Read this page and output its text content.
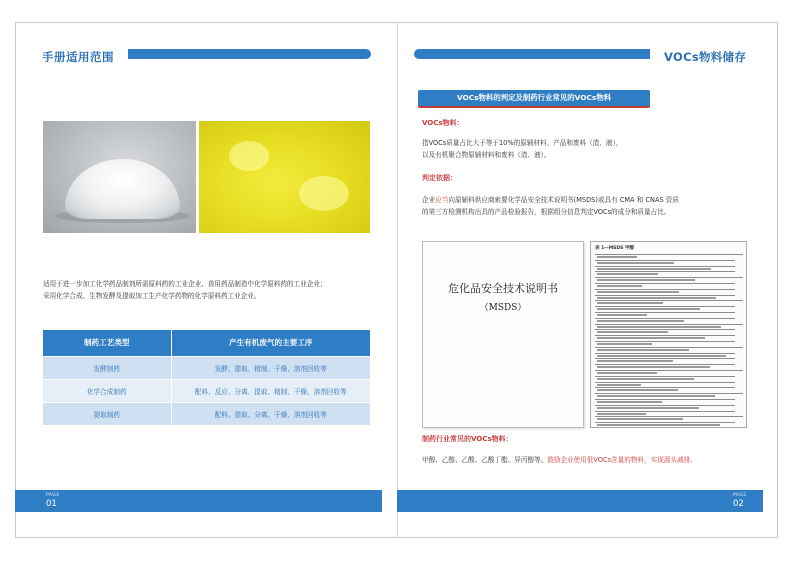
手册适用范围
适用于进一步加工化学药品制剂所需原料药的工业企业、兽用药品制造中化学原料药的工业企业；
采用化学合成、生物发酵及提取加工生产化学药物的化学原料药工业企业。
制药工艺类型	产生有机废气的主要工序
发酵制药	发酵、提取、精制、干燥、溶剂回收等
化学合成制药	配料、反应、分离、提取、精制、干燥、溶剂回收等
提取制药	配料、提取、分离、干燥、溶剂回收等
VOCs物料储存
VOCs物料的判定及制药行业常见的VOCs物料
VOCs物料：
指VOCs质量占比大于等于10%的原辅材料、产品和废料（渣、液），
以及有机聚合物原辅材料和废料（渣、液）。
判定依据：
企业应当向原辅料供应商索要化学品安全技术说明书(MSDS)或具有 CMA 和 CNAS 资质
的第三方检测机构出具的产品检验报告，根据组分信息判定VOCs的成分和质量占比。
危化品安全技术说明书
（MSDS）
表 1—MSDS 甲醇
制药行业常见的VOCs物料：
甲醇、乙醇、乙酸、乙酸丁酯、异丙醇等。鼓励企业使用低VOCs含量的物料，实现源头减排。
PAGE
01
PAGE
02
